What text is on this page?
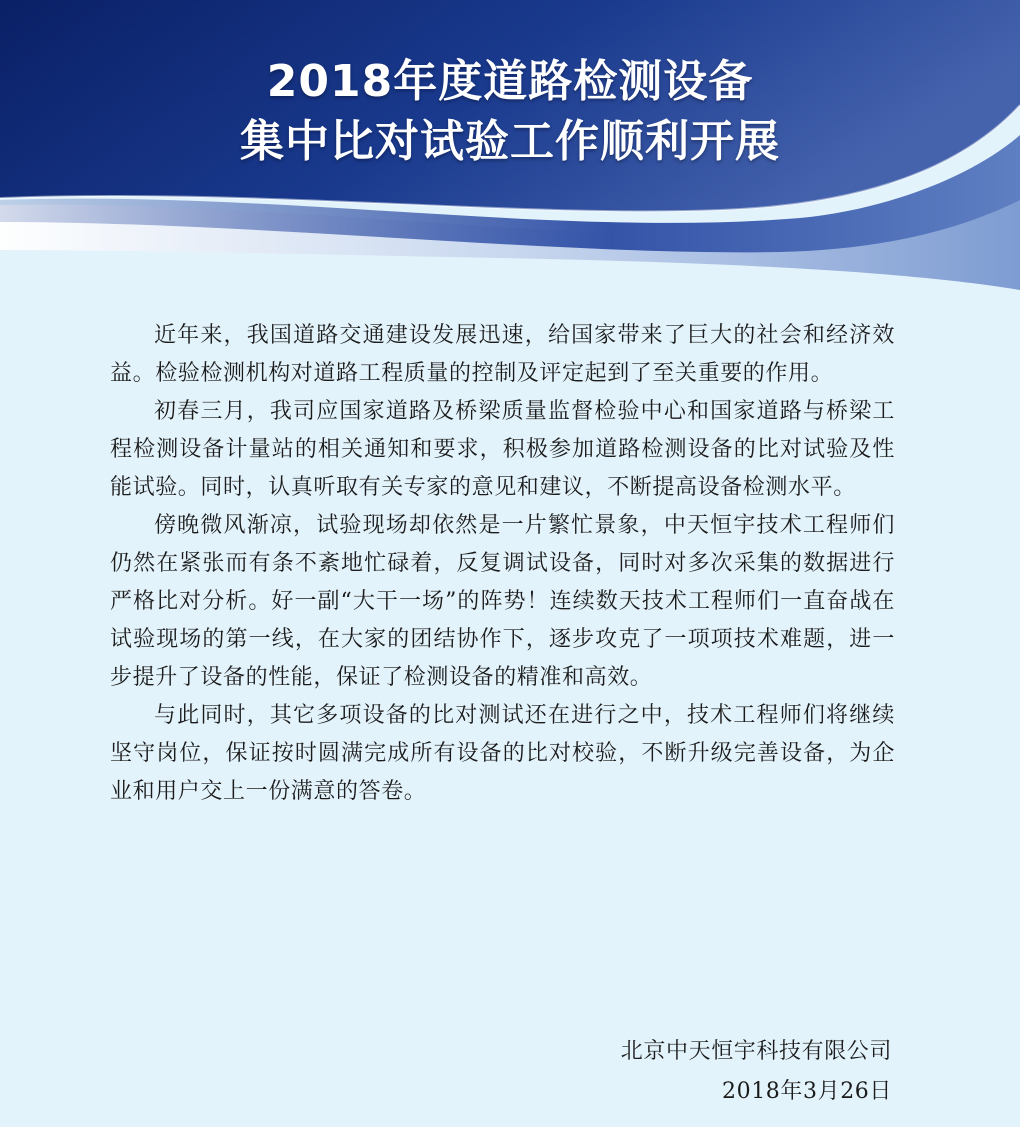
2018年度道路检测设备
集中比对试验工作顺利开展

近年来，我国道路交通建设发展迅速，给国家带来了巨大的社会和经济效益。检验检测机构对道路工程质量的控制及评定起到了至关重要的作用。

初春三月，我司应国家道路及桥梁质量监督检验中心和国家道路与桥梁工程检测设备计量站的相关通知和要求，积极参加道路检测设备的比对试验及性能试验。同时，认真听取有关专家的意见和建议，不断提高设备检测水平。

傍晚微风渐凉，试验现场却依然是一片繁忙景象，中天恒宇技术工程师们仍然在紧张而有条不紊地忙碌着，反复调试设备，同时对多次采集的数据进行严格比对分析。好一副“大干一场”的阵势！连续数天技术工程师们一直奋战在试验现场的第一线，在大家的团结协作下，逐步攻克了一项项技术难题，进一步提升了设备的性能，保证了检测设备的精准和高效。

与此同时，其它多项设备的比对测试还在进行之中，技术工程师们将继续坚守岗位，保证按时圆满完成所有设备的比对校验，不断升级完善设备，为企业和用户交上一份满意的答卷。

北京中天恒宇科技有限公司
2018年3月26日
